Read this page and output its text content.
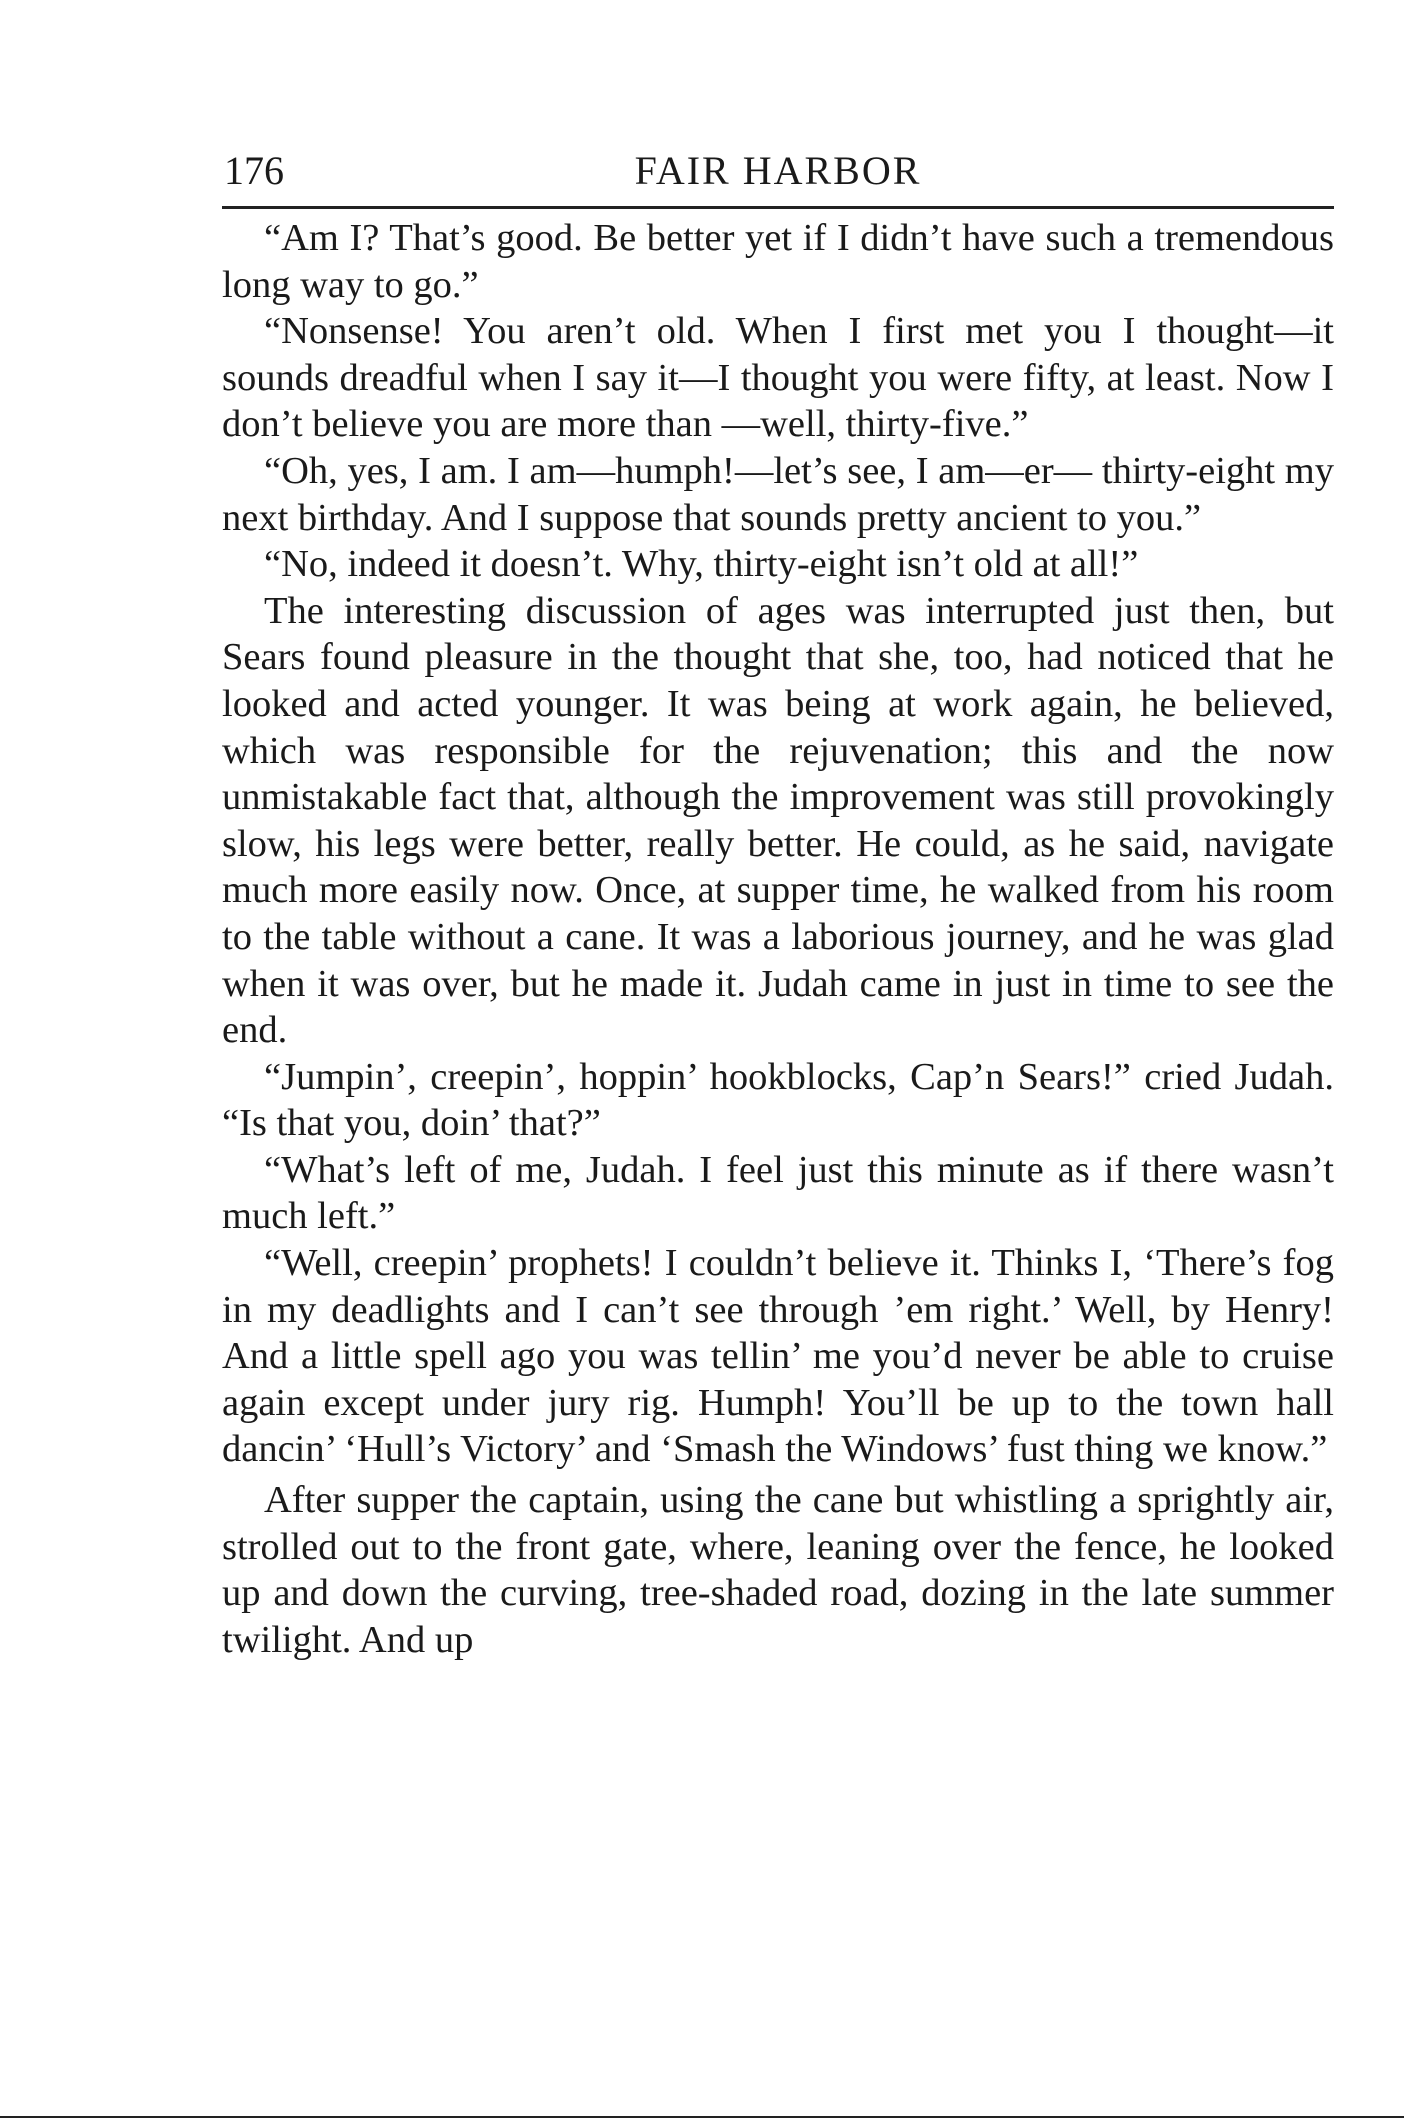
176	FAIR HARBOR

“Am I? That’s good. Be better yet if I didn’t have such a tremendous long way to go.”

“Nonsense! You aren’t old. When I first met you I thought—it sounds dreadful when I say it—I thought you were fifty, at least. Now I don’t believe you are more than —well, thirty-five.”

“Oh, yes, I am. I am—humph!—let’s see, I am—er— thirty-eight my next birthday. And I suppose that sounds pretty ancient to you.”

“No, indeed it doesn’t. Why, thirty-eight isn’t old at all!”

The interesting discussion of ages was interrupted just then, but Sears found pleasure in the thought that she, too, had noticed that he looked and acted younger. It was being at work again, he believed, which was responsible for the rejuvenation; this and the now unmistakable fact that, although the improvement was still provokingly slow, his legs were better, really better. He could, as he said, navigate much more easily now. Once, at supper time, he walked from his room to the table without a cane. It was a laborious journey, and he was glad when it was over, but he made it. Judah came in just in time to see the end.

“Jumpin’, creepin’, hoppin’ hookblocks, Cap’n Sears!” cried Judah. “Is that you, doin’ that?”

“What’s left of me, Judah. I feel just this minute as if there wasn’t much left.”

“Well, creepin’ prophets! I couldn’t believe it. Thinks I, ‘There’s fog in my deadlights and I can’t see through ’em right.’ Well, by Henry! And a little spell ago you was tellin’ me you’d never be able to cruise again except under jury rig. Humph! You’ll be up to the town hall dancin’ ‘Hull’s Victory’ and ‘Smash the Windows’ fust thing we know.”

After supper the captain, using the cane but whistling a sprightly air, strolled out to the front gate, where, leaning over the fence, he looked up and down the curving, tree-shaded road, dozing in the late summer twilight. And up
